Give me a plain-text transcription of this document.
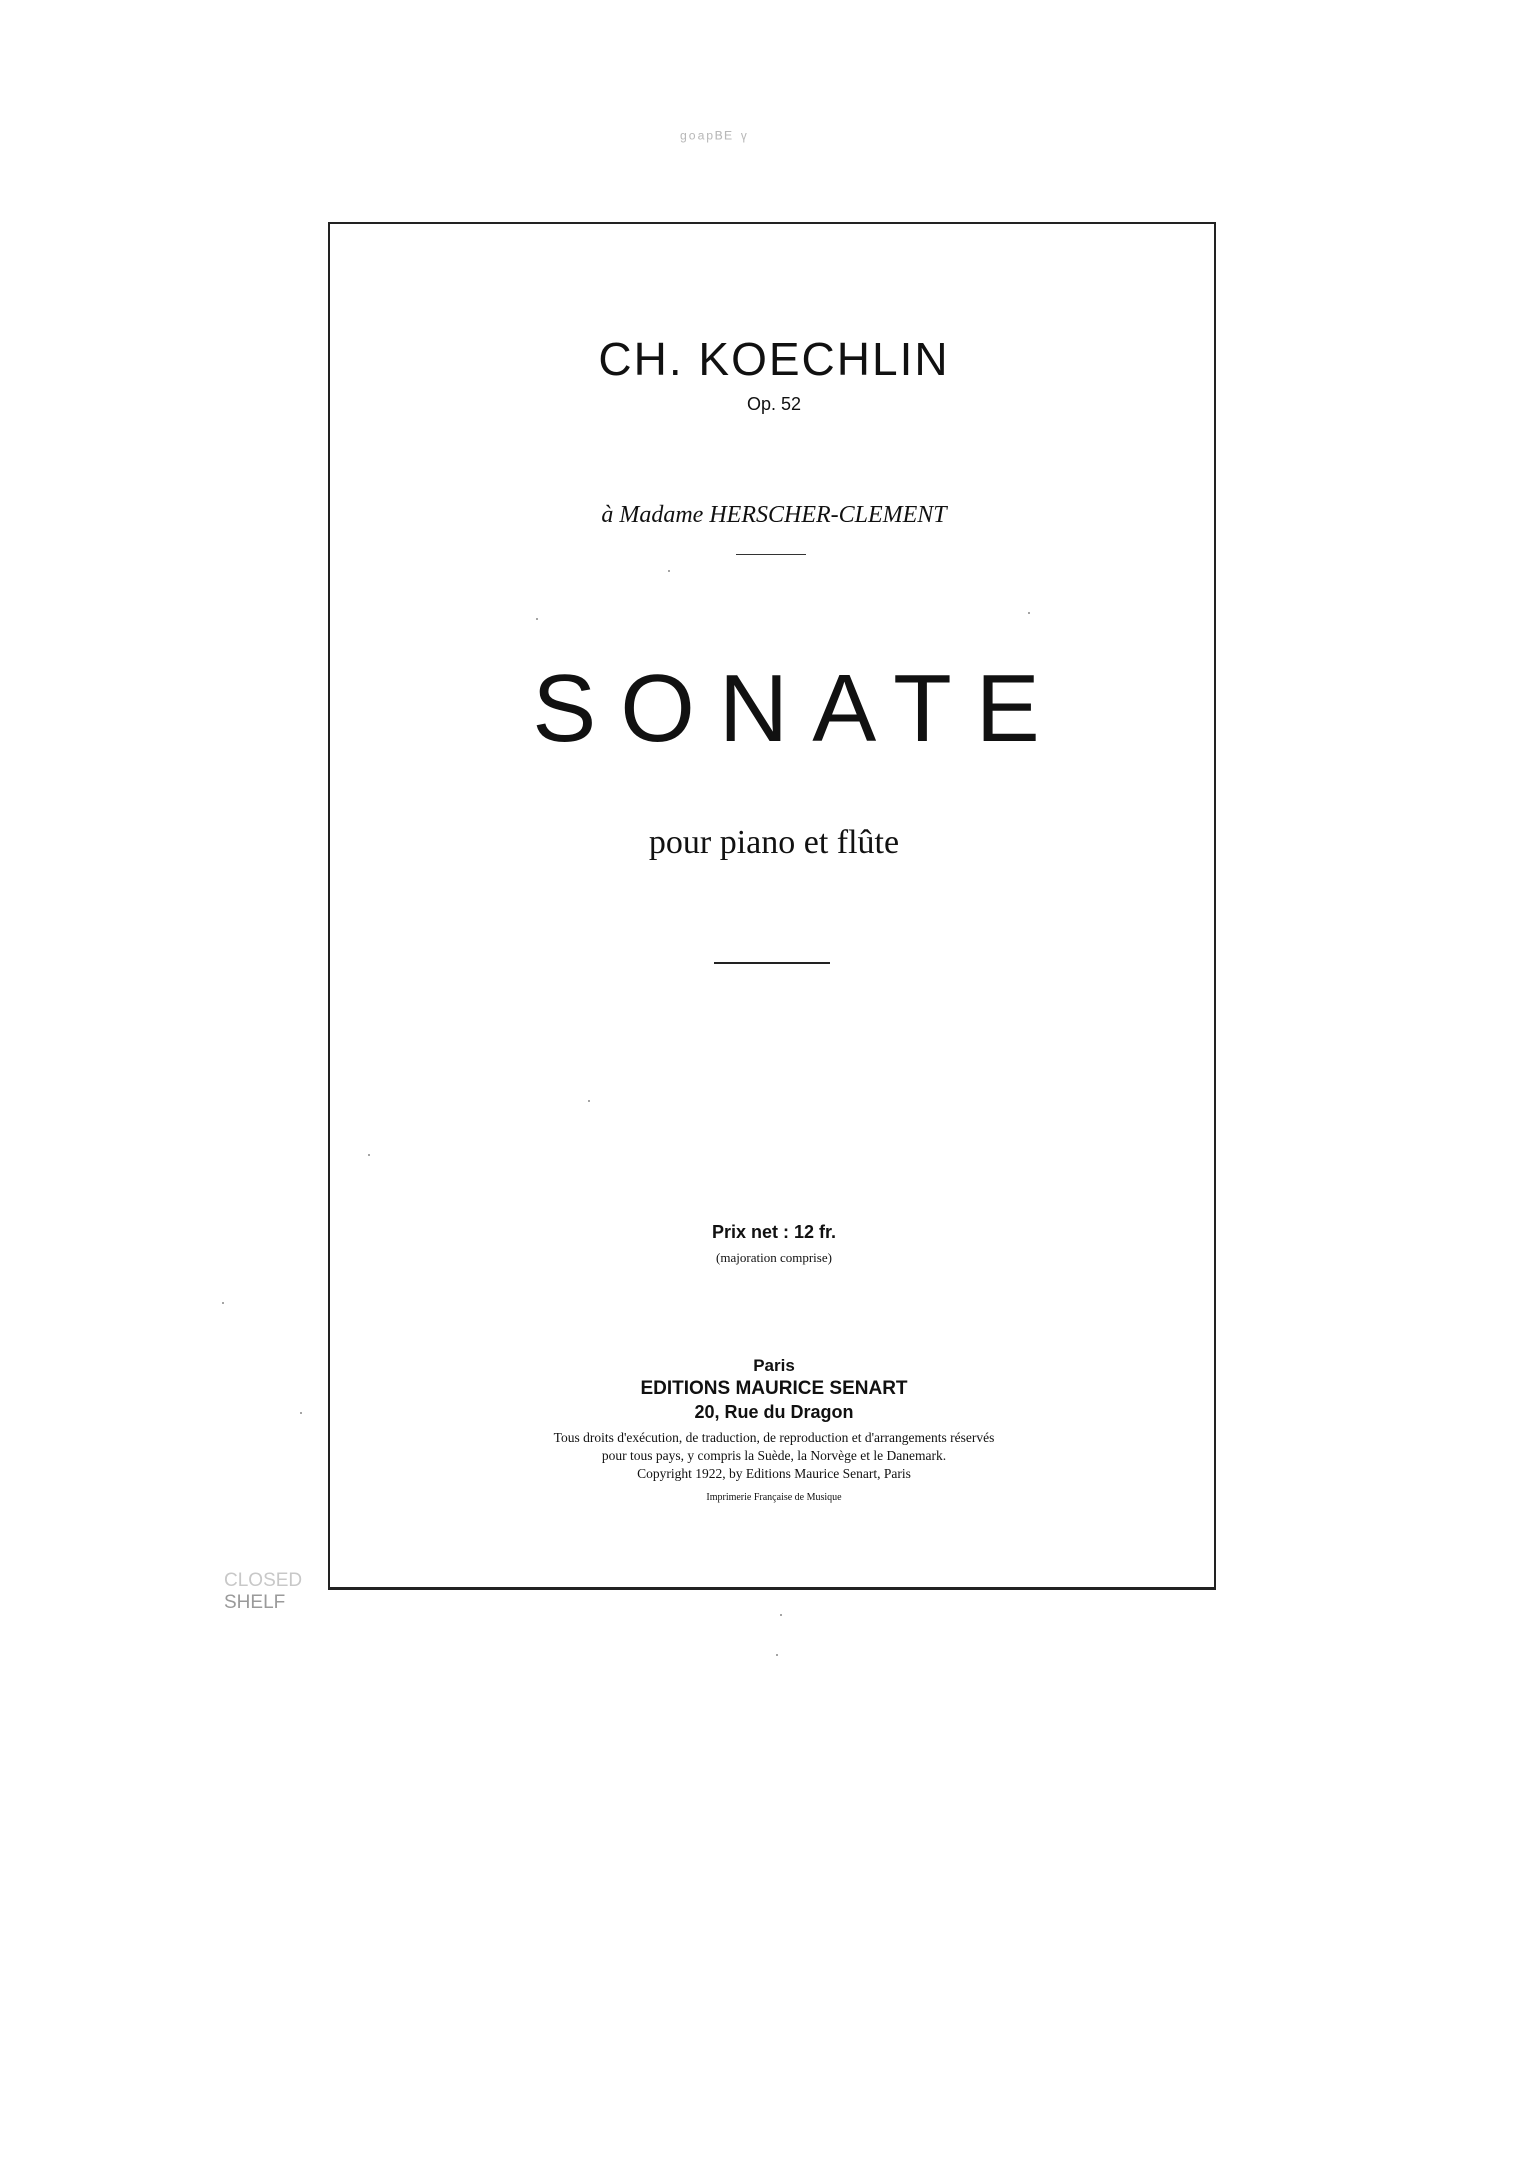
ᵍᵒᵃᵖᴮᴱ ᵞ
CH. KOECHLIN
Op. 52
à Madame HERSCHER-CLEMENT
SONATE
pour piano et flûte
Prix net : 12 fr.
(majoration comprise)
Paris
EDITIONS MAURICE SENART
20, Rue du Dragon
Tous droits d'exécution, de traduction, de reproduction et d'arrangements réservés
pour tous pays, y compris la Suède, la Norvège et le Danemark.
Copyright 1922, by Editions Maurice Senart, Paris
Imprimerie Française de Musique
CLOSED
SHELF
